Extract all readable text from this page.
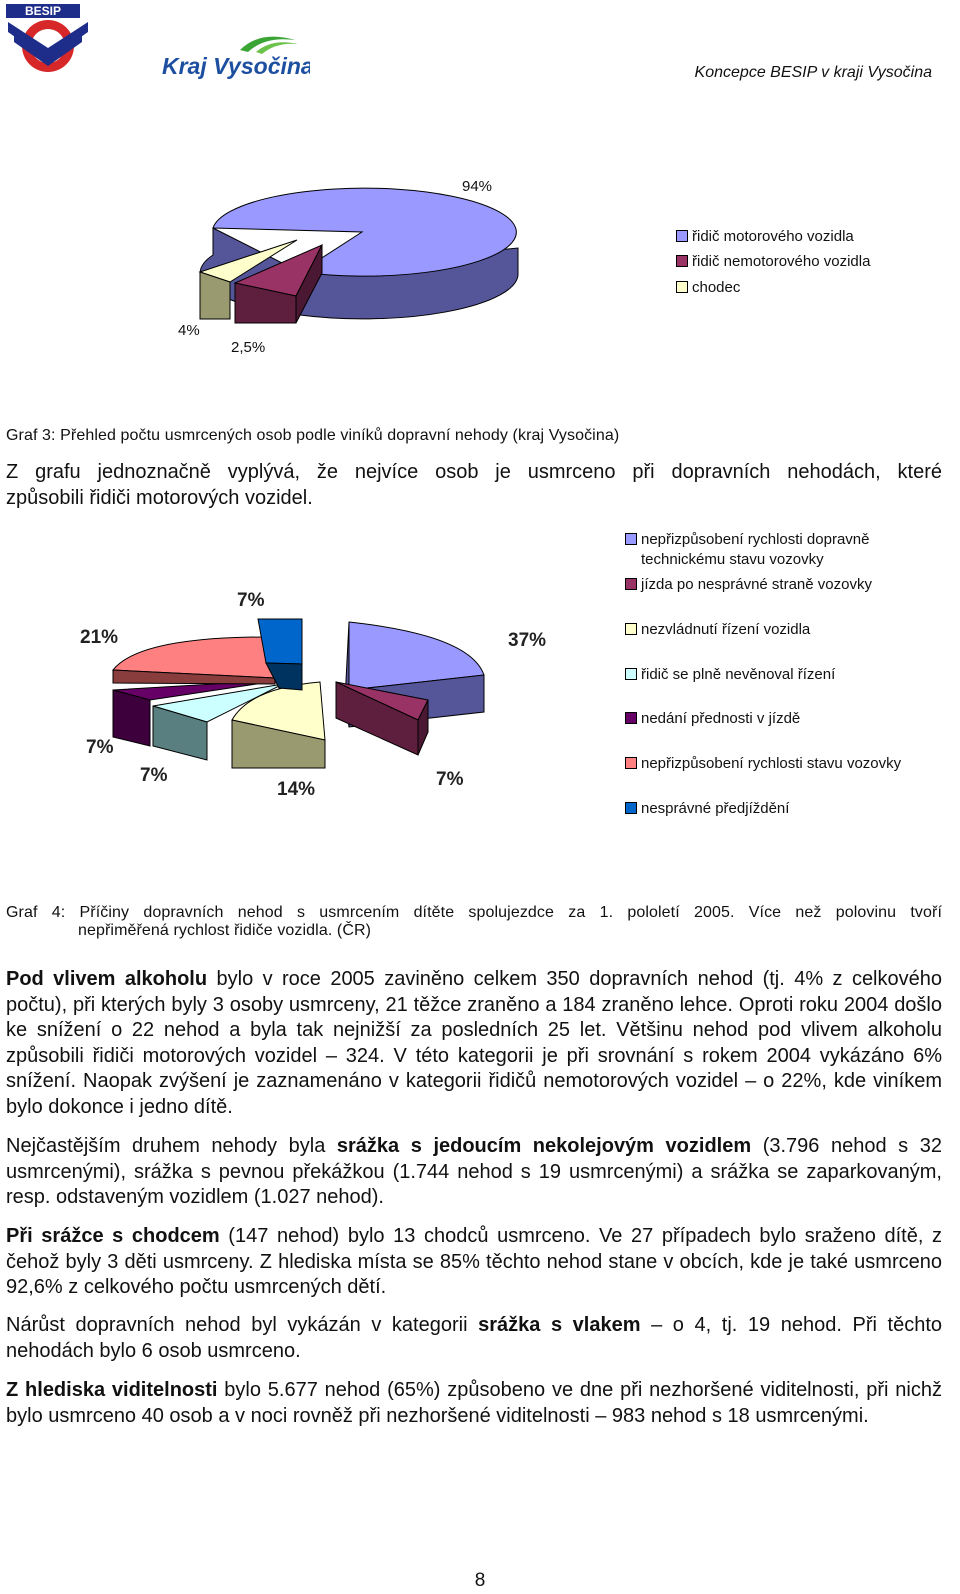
BESIP
Kraj Vysočina	Koncepce BESIP v kraji Vysočina
94%
4%
2,5%
řidič motorového vozidla
řidič nemotorového vozidla
chodec
Graf 3: Přehled počtu usmrcených osob podle viníků dopravní nehody (kraj Vysočina)
Z grafu jednoznačně vyplývá, že nejvíce osob je usmrceno při dopravních nehodách, které
způsobili řidiči motorových vozidel.
37%
7%
14%
7%
7%
21%
7%
nepřizpůsobení rychlosti dopravně
technickému stavu vozovky
jízda po nesprávné straně vozovky
nezvládnutí řízení vozidla
řidič se plně nevěnoval řízení
nedání přednosti v jízdě
nepřizpůsobení rychlosti stavu vozovky
nesprávné předjíždění
Graf 4: Příčiny dopravních nehod s usmrcením dítěte spolujezdce za 1. pololetí 2005. Více než polovinu tvoří
nepřiměřená rychlost řidiče vozidla. (ČR)
Pod vlivem alkoholu bylo v roce 2005 zaviněno celkem 350 dopravních nehod (tj. 4% z celkového počtu), při kterých byly 3 osoby usmrceny, 21 těžce zraněno a 184 zraněno lehce. Oproti roku 2004 došlo ke snížení o 22 nehod a byla tak nejnižší za posledních 25 let. Většinu nehod pod vlivem alkoholu způsobili řidiči motorových vozidel – 324. V této kategorii je při srovnání s rokem 2004 vykázáno 6% snížení. Naopak zvýšení je zaznamenáno v kategorii řidičů nemotorových vozidel – o 22%, kde viníkem bylo dokonce i jedno dítě.
Nejčastějším druhem nehody byla srážka s jedoucím nekolejovým vozidlem (3.796 nehod s 32 usmrcenými), srážka s pevnou překážkou (1.744 nehod s 19 usmrcenými) a srážka se zaparkovaným, resp. odstaveným vozidlem (1.027 nehod).
Při srážce s chodcem (147 nehod) bylo 13 chodců usmrceno. Ve 27 případech bylo sraženo dítě, z čehož byly 3 děti usmrceny. Z hlediska místa se 85% těchto nehod stane v obcích, kde je také usmrceno 92,6% z celkového počtu usmrcených dětí.
Nárůst dopravních nehod byl vykázán v kategorii srážka s vlakem – o 4, tj. 19 nehod. Při těchto nehodách bylo 6 osob usmrceno.
Z hlediska viditelnosti bylo 5.677 nehod (65%) způsobeno ve dne při nezhoršené viditelnosti, při nichž bylo usmrceno 40 osob a v noci rovněž při nezhoršené viditelnosti – 983 nehod s 18 usmrcenými.
8
